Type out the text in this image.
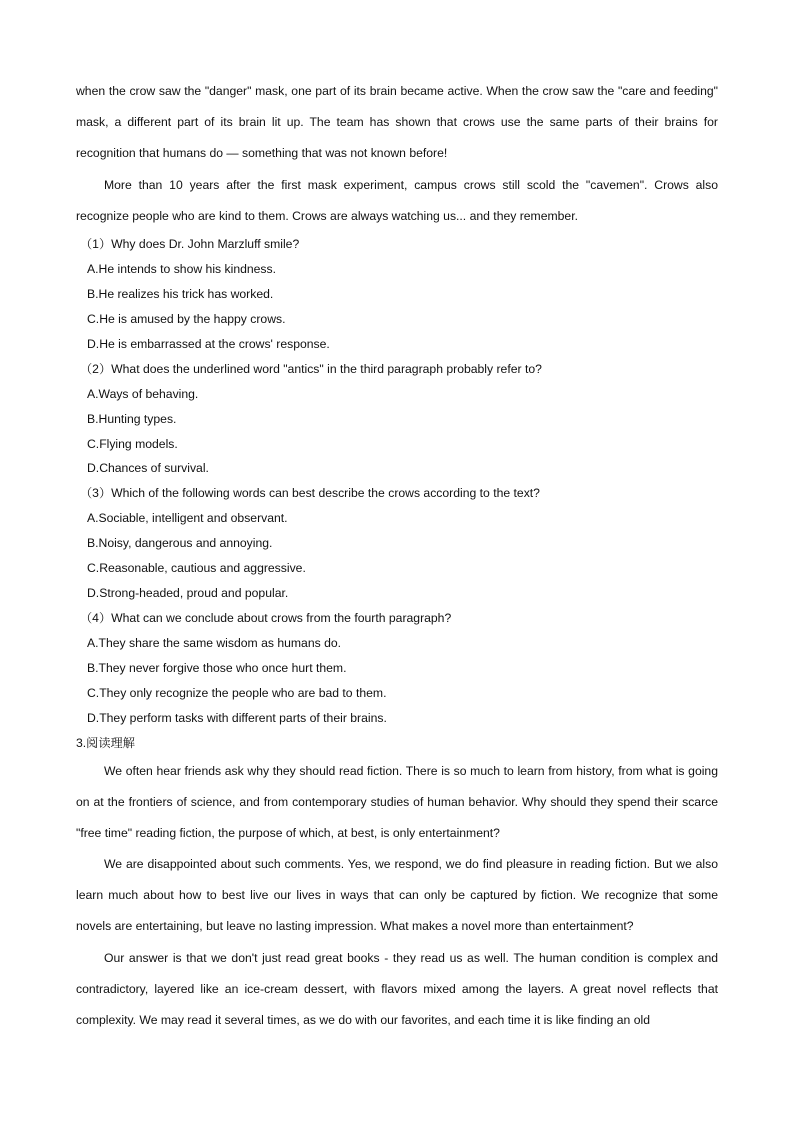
when the crow saw the "danger" mask, one part of its brain became active. When the crow saw the "care and feeding" mask, a different part of its brain lit up. The team has shown that crows use the same parts of their brains for recognition that humans do — something that was not known before!

More than 10 years after the first mask experiment, campus crows still scold the "cavemen". Crows also recognize people who are kind to them. Crows are always watching us... and they remember.

（1）Why does Dr. John Marzluff smile?

A.He intends to show his kindness.

B.He realizes his trick has worked.

C.He is amused by the happy crows.

D.He is embarrassed at the crows' response.

（2）What does the underlined word "antics" in the third paragraph probably refer to?

A.Ways of behaving.

B.Hunting types.

C.Flying models.

D.Chances of survival.

（3）Which of the following words can best describe the crows according to the text?

A.Sociable, intelligent and observant.

B.Noisy, dangerous and annoying.

C.Reasonable, cautious and aggressive.

D.Strong-headed, proud and popular.

（4）What can we conclude about crows from the fourth paragraph?

A.They share the same wisdom as humans do.

B.They never forgive those who once hurt them.

C.They only recognize the people who are bad to them.

D.They perform tasks with different parts of their brains.

3.阅读理解

We often hear friends ask why they should read fiction. There is so much to learn from history, from what is going on at the frontiers of science, and from contemporary studies of human behavior. Why should they spend their scarce "free time" reading fiction, the purpose of which, at best, is only entertainment?

We are disappointed about such comments. Yes, we respond, we do find pleasure in reading fiction. But we also learn much about how to best live our lives in ways that can only be captured by fiction. We recognize that some novels are entertaining, but leave no lasting impression. What makes a novel more than entertainment?

Our answer is that we don't just read great books - they read us as well. The human condition is complex and contradictory, layered like an ice-cream dessert, with flavors mixed among the layers. A great novel reflects that complexity. We may read it several times, as we do with our favorites, and each time it is like finding an old
